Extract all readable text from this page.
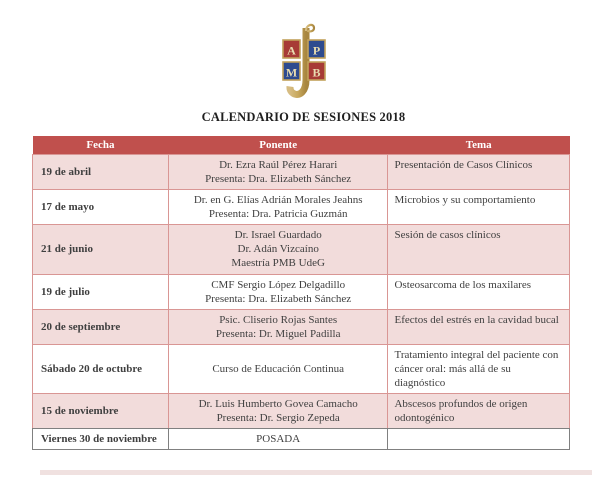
A P
M B
CALENDARIO DE SESIONES 2018
Fecha	Ponente	Tema
19 de abril	Dr. Ezra Raúl Pérez Harari
Presenta: Dra. Elizabeth Sánchez	Presentación de Casos Clínicos
17 de mayo	Dr. en G. Elías Adrián Morales Jeahns
Presenta: Dra. Patricia Guzmán	Microbios y su comportamiento
21 de junio	Dr. Israel Guardado
Dr. Adán Vizcaíno
Maestría PMB UdeG	Sesión de casos clínicos
19 de julio	CMF Sergio López Delgadillo
Presenta: Dra. Elizabeth Sánchez	Osteosarcoma de los maxilares
20 de septiembre	Psic. Cliserio Rojas Santes
Presenta: Dr. Miguel Padilla	Efectos del estrés en la cavidad bucal
Sábado 20 de octubre	Curso de Educación Continua	Tratamiento integral del paciente con cáncer oral: más allá de su diagnóstico
15 de noviembre	Dr. Luis Humberto Govea Camacho
Presenta: Dr. Sergio Zepeda	Abscesos profundos de origen odontogénico
Viernes 30 de noviembre	POSADA	
